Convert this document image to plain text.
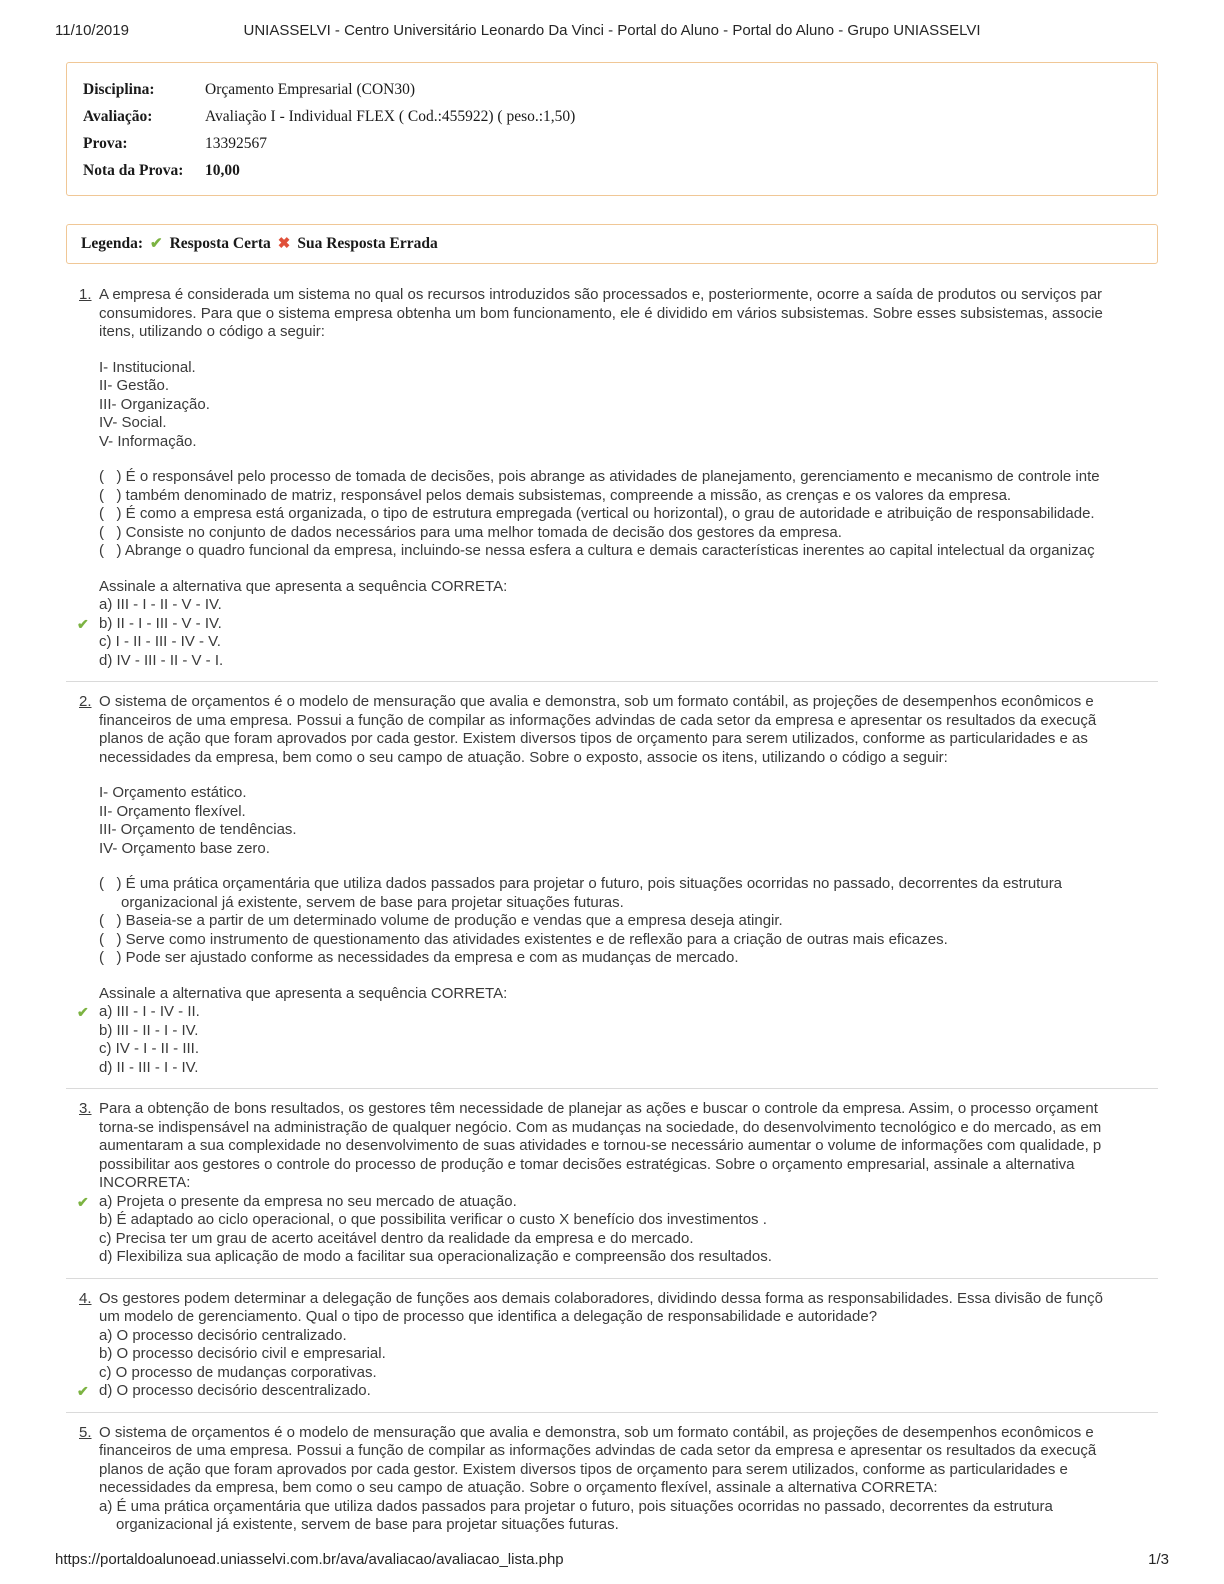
11/10/2019	UNIASSELVI - Centro Universitário Leonardo Da Vinci - Portal do Aluno - Portal do Aluno - Grupo UNIASSELVI
Disciplina:	Orçamento Empresarial (CON30)
Avaliação:	Avaliação I - Individual FLEX ( Cod.:455922) ( peso.:1,50)
Prova:	13392567
Nota da Prova:	10,00
Legenda: ✔ Resposta Certa ✖ Sua Resposta Errada
1. A empresa é considerada um sistema no qual os recursos introduzidos são processados e, posteriormente, ocorre a saída de produtos ou serviços par
consumidores. Para que o sistema empresa obtenha um bom funcionamento, ele é dividido em vários subsistemas. Sobre esses subsistemas, associe
itens, utilizando o código a seguir:
I- Institucional.
II- Gestão.
III- Organização.
IV- Social.
V- Informação.
(   ) É o responsável pelo processo de tomada de decisões, pois abrange as atividades de planejamento, gerenciamento e mecanismo de controle inte
(   ) também denominado de matriz, responsável pelos demais subsistemas, compreende a missão, as crenças e os valores da empresa.
(   ) É como a empresa está organizada, o tipo de estrutura empregada (vertical ou horizontal), o grau de autoridade e atribuição de responsabilidade.
(   ) Consiste no conjunto de dados necessários para uma melhor tomada de decisão dos gestores da empresa.
(   ) Abrange o quadro funcional da empresa, incluindo-se nessa esfera a cultura e demais características inerentes ao capital intelectual da organizaç
Assinale a alternativa que apresenta a sequência CORRETA:
a) III - I - II - V - IV.
✔ b) II - I - III - V - IV.
c) I - II - III - IV - V.
d) IV - III - II - V - I.
2. O sistema de orçamentos é o modelo de mensuração que avalia e demonstra, sob um formato contábil, as projeções de desempenhos econômicos e
financeiros de uma empresa. Possui a função de compilar as informações advindas de cada setor da empresa e apresentar os resultados da execuçã
planos de ação que foram aprovados por cada gestor. Existem diversos tipos de orçamento para serem utilizados, conforme as particularidades e as
necessidades da empresa, bem como o seu campo de atuação. Sobre o exposto, associe os itens, utilizando o código a seguir:
I- Orçamento estático.
II- Orçamento flexível.
III- Orçamento de tendências.
IV- Orçamento base zero.
(   ) É uma prática orçamentária que utiliza dados passados para projetar o futuro, pois situações ocorridas no passado, decorrentes da estrutura
organizacional já existente, servem de base para projetar situações futuras.
(   ) Baseia-se a partir de um determinado volume de produção e vendas que a empresa deseja atingir.
(   ) Serve como instrumento de questionamento das atividades existentes e de reflexão para a criação de outras mais eficazes.
(   ) Pode ser ajustado conforme as necessidades da empresa e com as mudanças de mercado.
Assinale a alternativa que apresenta a sequência CORRETA:
✔ a) III - I - IV - II.
b) III - II - I - IV.
c) IV - I - II - III.
d) II - III - I - IV.
3. Para a obtenção de bons resultados, os gestores têm necessidade de planejar as ações e buscar o controle da empresa. Assim, o processo orçament
torna-se indispensável na administração de qualquer negócio. Com as mudanças na sociedade, do desenvolvimento tecnológico e do mercado, as em
aumentaram a sua complexidade no desenvolvimento de suas atividades e tornou-se necessário aumentar o volume de informações com qualidade, p
possibilitar aos gestores o controle do processo de produção e tomar decisões estratégicas. Sobre o orçamento empresarial, assinale a alternativa
INCORRETA:
✔ a) Projeta o presente da empresa no seu mercado de atuação.
b) É adaptado ao ciclo operacional, o que possibilita verificar o custo X benefício dos investimentos .
c) Precisa ter um grau de acerto aceitável dentro da realidade da empresa e do mercado.
d) Flexibiliza sua aplicação de modo a facilitar sua operacionalização e compreensão dos resultados.
4. Os gestores podem determinar a delegação de funções aos demais colaboradores, dividindo dessa forma as responsabilidades. Essa divisão de funçõ
um modelo de gerenciamento. Qual o tipo de processo que identifica a delegação de responsabilidade e autoridade?
a) O processo decisório centralizado.
b) O processo decisório civil e empresarial.
c) O processo de mudanças corporativas.
✔ d) O processo decisório descentralizado.
5. O sistema de orçamentos é o modelo de mensuração que avalia e demonstra, sob um formato contábil, as projeções de desempenhos econômicos e
financeiros de uma empresa. Possui a função de compilar as informações advindas de cada setor da empresa e apresentar os resultados da execuçã
planos de ação que foram aprovados por cada gestor. Existem diversos tipos de orçamento para serem utilizados, conforme as particularidades e
necessidades da empresa, bem como o seu campo de atuação. Sobre o orçamento flexível, assinale a alternativa CORRETA:
a) É uma prática orçamentária que utiliza dados passados para projetar o futuro, pois situações ocorridas no passado, decorrentes da estrutura
organizacional já existente, servem de base para projetar situações futuras.
https://portaldoalunoead.uniasselvi.com.br/ava/avaliacao/avaliacao_lista.php	1/3
